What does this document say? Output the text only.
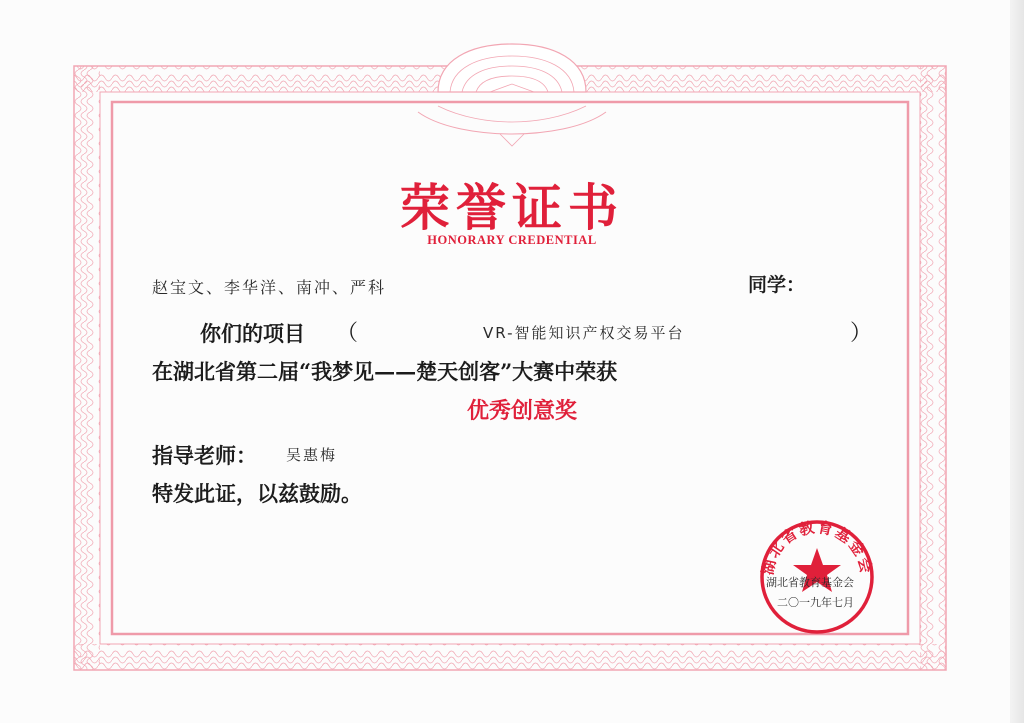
荣誉证书
HONORARY CREDENTIAL
赵宝文、李华洋、南冲、严科	同学：
你们的项目 （	VR-智能知识产权交易平台	）
在湖北省第二届“我梦见——楚天创客”大赛中荣获
优秀创意奖
指导老师： 吴惠梅
特发此证，以兹鼓励。
湖北省教育基金会
湖北省教育基金会
二〇一九年七月
